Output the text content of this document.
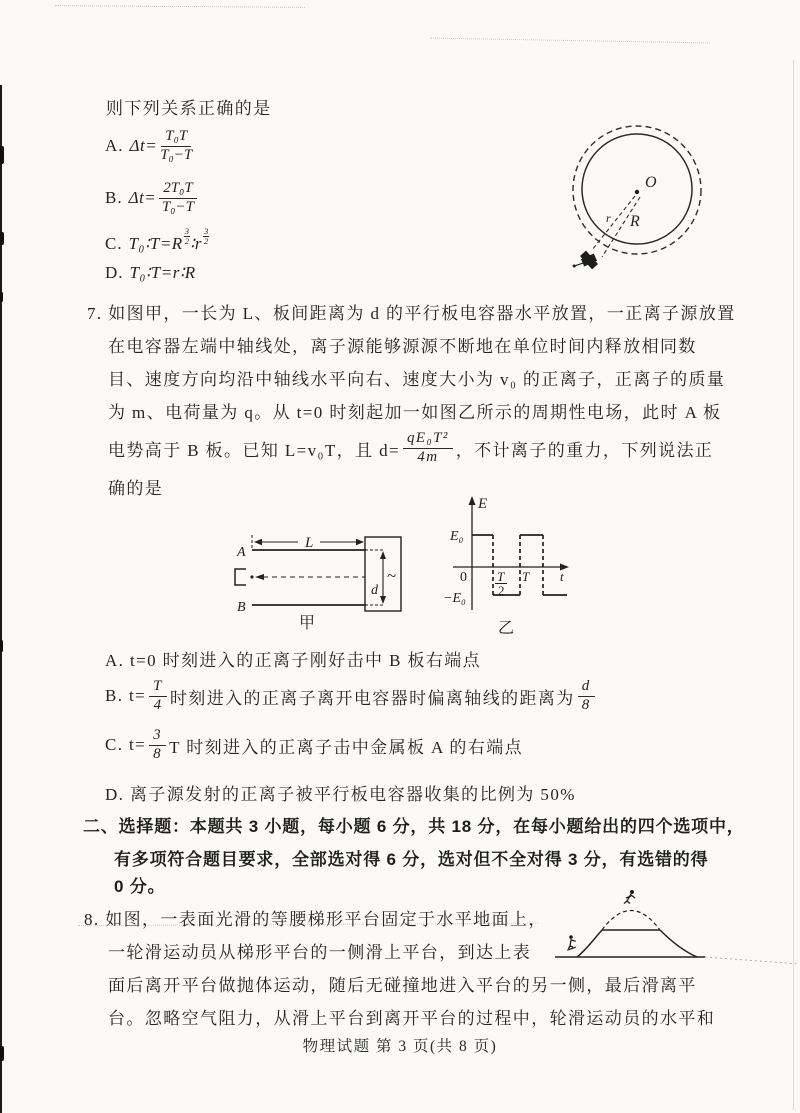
则下列关系正确的是
A. $\Delta t= \frac{\text{T₀T}}{\text{T₀−T}}$
B. $\Delta t= \frac{\text{2T₀T}}{\text{T₀−T}}$
C. T₀∶T=R
3
2 ∶r
3
2
D. T₀∶T=r∶R
O
r R
7. 如图甲，一长为 L、板间距离为 d 的平行板电容器水平放置，一正离子源放置
在电容器左端中轴线处，离子源能够源源不断地在单位时间内释放相同数
目、速度方向均沿中轴线水平向右、速度大小为 v₀ 的正离子，正离子的质量
为 m、电荷量为 q。从 t=0 时刻起加一如图乙所示的周期性电场，此时 A 板
电势高于 B 板。已知 L=v₀T，且 $d= \frac{\text{qE₀T²}}{4m}$ ，不计离子的重力，下列说法正
确的是
L
d
~
A
B
甲
E
E₀
−E₀
0 T
2
T t
乙
A. t=0 时刻进入的正离子刚好击中 B 板右端点
B. $t= \frac{T}{4}$ 时刻进入的正离子离开电容器时偏离轴线的距离为 $\frac{d}{8}$
C. $t= \frac{3}{8}$ T 时刻进入的正离子击中金属板 A 的右端点
D. 离子源发射的正离子被平行板电容器收集的比例为 50%
二、选择题：本题共 3 小题，每小题 6 分，共 18 分，在每小题给出的四个选项中，
有多项符合题目要求，全部选对得 6 分，选对但不全对得 3 分，有选错的得
0 分。
8. 如图，一表面光滑的等腰梯形平台固定于水平地面上，
一轮滑运动员从梯形平台的一侧滑上平台，到达上表
面后离开平台做抛体运动，随后无碰撞地进入平台的另一侧，最后滑离平
台。忽略空气阻力，从滑上平台到离开平台的过程中，轮滑运动员的水平和
物理试题 第 3 页(共 8 页)
